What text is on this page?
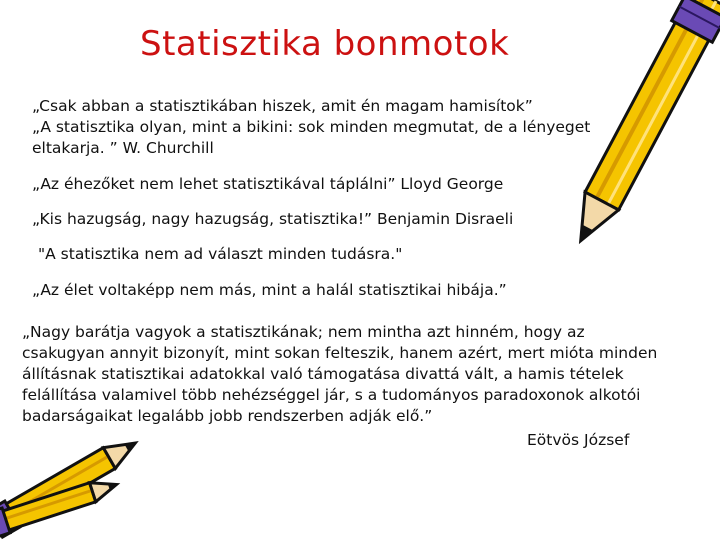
Statisztika bonmotok
„Csak abban a statisztikában hiszek, amit én magam hamisítok”
„A statisztika olyan, mint a bikini: sok minden megmutat, de a lényeget eltakarja. ” W. Churchill
„Az éhezőket nem lehet statisztikával táplálni” Lloyd George
„Kis hazugság, nagy hazugság, statisztika!” Benjamin Disraeli
"A statisztika nem ad választ minden tudásra."
„Az élet voltaképp nem más, mint a halál statisztikai hibája.”
„Nagy barátja vagyok a statisztikának; nem mintha azt hinném, hogy az csakugyan annyit bizonyít, mint sokan felteszik, hanem azért, mert mióta minden állításnak statisztikai adatokkal való támogatása divattá vált, a hamis tételek felállítása valamivel több nehézséggel jár, s a tudományos paradoxonok alkotói badarságaikat legalább jobb rendszerben adják elő.”
Eötvös József
